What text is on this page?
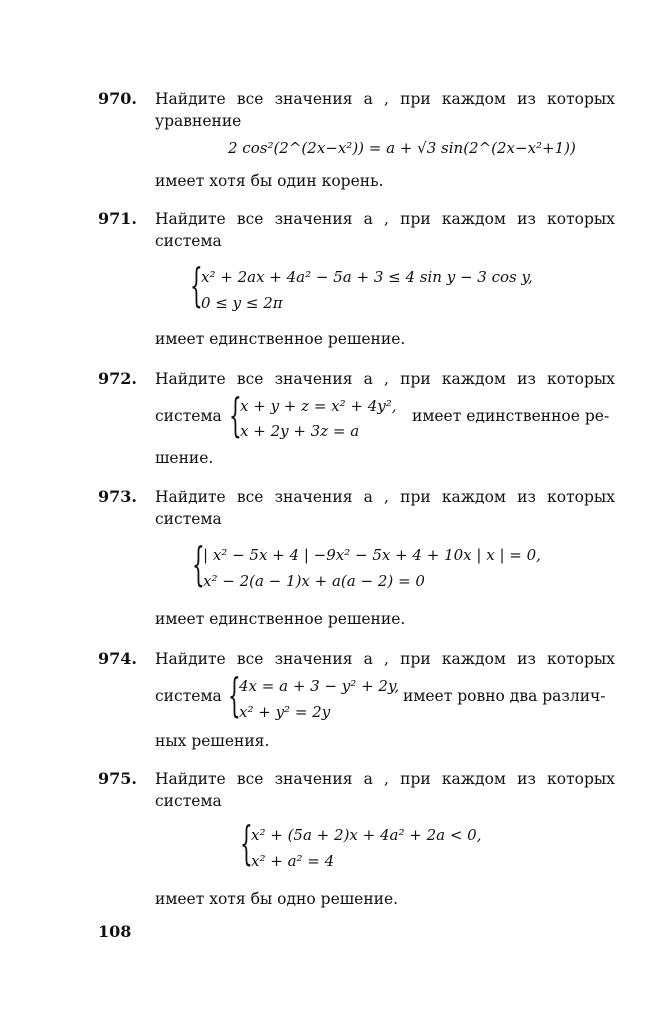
970. Найдите все значения a , при каждом из которых
уравнение
2 cos²(2^(2x−x²)) = a + √3 sin(2^(2x−x²+1))
имеет хотя бы один корень.
971. Найдите все значения a , при каждом из которых
система
{
x² + 2ax + 4a² − 5a + 3 ≤ 4 sin y − 3 cos y,
0 ≤ y ≤ 2π
имеет единственное решение.
972. Найдите все значения a , при каждом из которых
система {
x + y + z = x² + 4y²,
x + 2y + 3z = a
имеет единственное ре-
шение.
973. Найдите все значения a , при каждом из которых
система
{
| x² − 5x + 4 | −9x² − 5x + 4 + 10x | x | = 0,
x² − 2(a − 1)x + a(a − 2) = 0
имеет единственное решение.
974. Найдите все значения a , при каждом из которых
система {
4x = a + 3 − y² + 2y,
x² + y² = 2y
имеет ровно два различ-
ных решения.
975. Найдите все значения a , при каждом из которых
система
{
x² + (5a + 2)x + 4a² + 2a < 0,
x² + a² = 4
имеет хотя бы одно решение.
108
